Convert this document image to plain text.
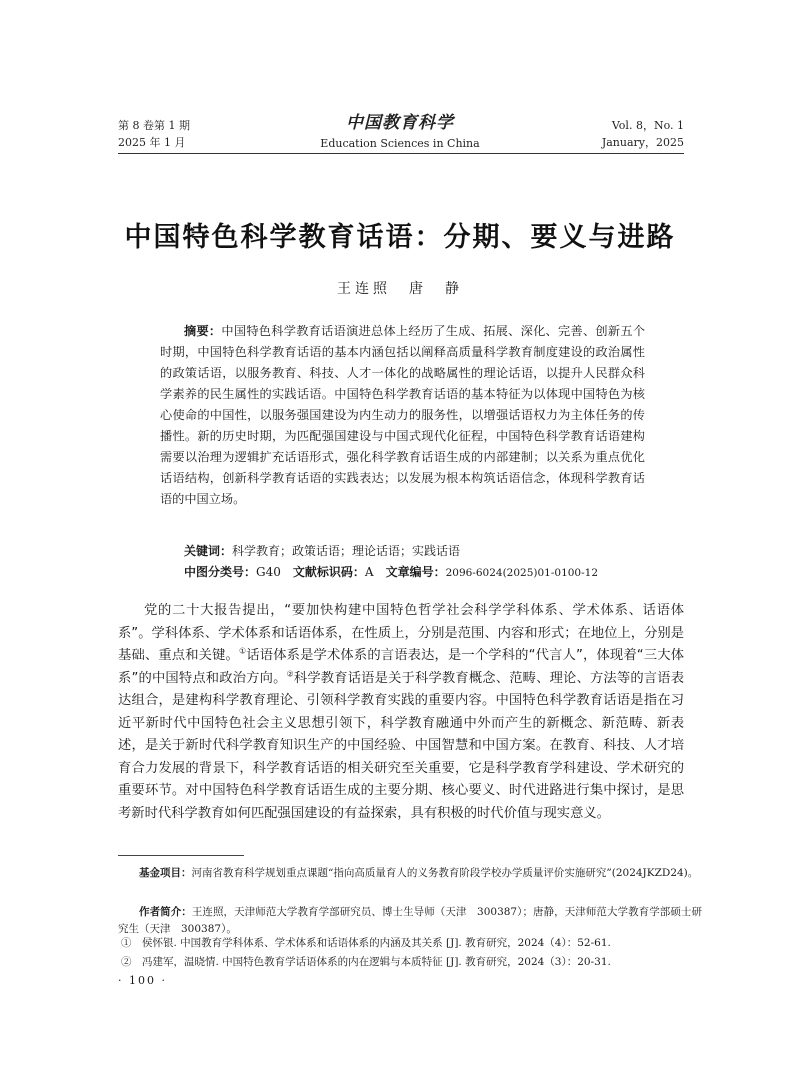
第 8 卷第 1 期
2025 年 1 月
中国教育科学
Education Sciences in China
Vol. 8，No. 1
January，2025
中国特色科学教育话语：分期、要义与进路
王连照　唐　静
摘要：中国特色科学教育话语演进总体上经历了生成、拓展、深化、完善、创新五个时期，中国特色科学教育话语的基本内涵包括以阐释高质量科学教育制度建设的政治属性的政策话语，以服务教育、科技、人才一体化的战略属性的理论话语，以提升人民群众科学素养的民生属性的实践话语。中国特色科学教育话语的基本特征为以体现中国特色为核心使命的中国性，以服务强国建设为内生动力的服务性，以增强话语权力为主体任务的传播性。新的历史时期，为匹配强国建设与中国式现代化征程，中国特色科学教育话语建构需要以治理为逻辑扩充话语形式，强化科学教育话语生成的内部建制；以关系为重点优化话语结构，创新科学教育话语的实践表达；以发展为根本构筑话语信念，体现科学教育话语的中国立场。
关键词：科学教育；政策话语；理论话语；实践话语
中图分类号：G40 文献标识码：A 文章编号：2096-6024(2025)01-0100-12
党的二十大报告提出，“要加快构建中国特色哲学社会科学学科体系、学术体系、话语体系”。学科体系、学术体系和话语体系，在性质上，分别是范围、内容和形式；在地位上，分别是基础、重点和关键。①话语体系是学术体系的言语表达，是一个学科的“代言人”，体现着“三大体系”的中国特点和政治方向。②科学教育话语是关于科学教育概念、范畴、理论、方法等的言语表达组合，是建构科学教育理论、引领科学教育实践的重要内容。中国特色科学教育话语是指在习近平新时代中国特色社会主义思想引领下，科学教育融通中外而产生的新概念、新范畴、新表述，是关于新时代科学教育知识生产的中国经验、中国智慧和中国方案。在教育、科技、人才培育合力发展的背景下，科学教育话语的相关研究至关重要，它是科学教育学科建设、学术研究的重要环节。对中国特色科学教育话语生成的主要分期、核心要义、时代进路进行集中探讨，是思考新时代科学教育如何匹配强国建设的有益探索，具有积极的时代价值与现实意义。
基金项目：河南省教育科学规划重点课题“指向高质量育人的义务教育阶段学校办学质量评价实施研究”(2024JKZD24)。
作者简介：王连照，天津师范大学教育学部研究员、博士生导师（天津　300387）；唐静，天津师范大学教育学部硕士研究生（天津　300387）。
①　侯怀银. 中国教育学科体系、学术体系和话语体系的内涵及其关系 [J]. 教育研究，2024（4）：52-61.
②　冯建军，温晓情. 中国特色教育学话语体系的内在逻辑与本质特征 [J]. 教育研究，2024（3）：20-31.
· 100 ·
